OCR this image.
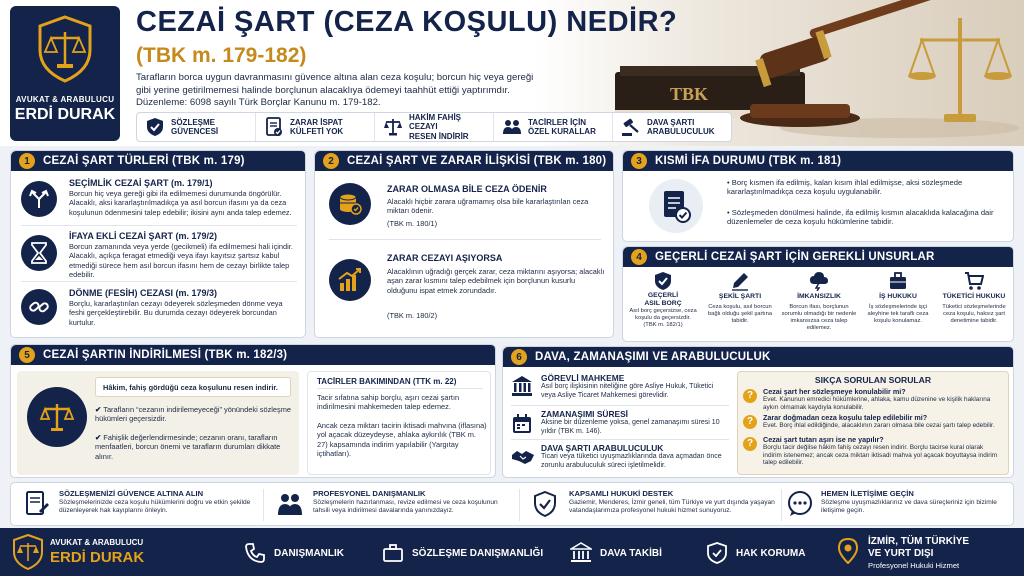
AVUKAT & ARABULUCU
ERDİ DURAK
CEZAİ ŞART (CEZA KOŞULU) NEDİR?
(TBK m. 179-182)
Tarafların borca uygun davranmasını güvence altına alan ceza koşulu; borcun hiç veya gereği gibi yerine getirilmemesi halinde borçlunun alacaklıya ödemeyi taahhüt ettiği yaptırımdır. Düzenleme: 6098 sayılı Türk Borçlar Kanunu m. 179-182.	TBK
SÖZLEŞME
GÜVENCESİ
ZARAR İSPAT
KÜLFETİ YOK
HAKİM FAHİŞ CEZAYI
RESEN İNDİRİR
TACİRLER İÇİN
ÖZEL KURALLAR
DAVA ŞARTI
ARABULUCULUK
1	CEZAİ ŞART TÜRLERİ (TBK m. 179)
SEÇİMLİK CEZAİ ŞART (m. 179/1)
Borcun hiç veya gereği gibi ifa edilmemesi durumunda öngörülür. Alacaklı, aksi kararlaştırılmadıkça ya asıl borcun ifasını ya da ceza koşulunun ödenmesini talep edebilir; ikisini aynı anda talep edemez.
İFAYA EKLİ CEZAİ ŞART (m. 179/2)
Borcun zamanında veya yerde (gecikmeli) ifa edilmemesi hali içindir. Alacaklı, açıkça feragat etmediği veya ifayı kayıtsız şartsız kabul etmediği sürece hem asıl borcun ifasını hem de cezayı birlikte talep edebilir.
DÖNME (FESİH) CEZASI (m. 179/3)
Borçlu, kararlaştırılan cezayı ödeyerek sözleşmeden dönme veya feshi gerçekleştirebilir. Bu durumda cezayı ödeyerek borcundan kurtulur.
2	CEZAİ ŞART VE ZARAR İLİŞKİSİ (TBK m. 180)
ZARAR OLMASA BİLE CEZA ÖDENİR
Alacaklı hiçbir zarara uğramamış olsa bile kararlaştırılan ceza miktarı ödenir.
(TBK m. 180/1)
ZARAR CEZAYI AŞIYORSA
Alacaklının uğradığı gerçek zarar, ceza miktarını aşıyorsa; alacaklı aşan zarar kısmını talep edebilmek için borçlunun kusurlu olduğunu ispat etmek zorundadır.
(TBK m. 180/2)
3	KISMİ İFA DURUMU (TBK m. 181)
• Borç kısmen ifa edilmiş, kalan kısım ihlal edilmişse, aksi sözleşmede kararlaştırılmadıkça ceza koşulu uygulanabilir.
• Sözleşmeden dönülmesi halinde, ifa edilmiş kısmın alacaklıda kalacağına dair düzenlemeler de ceza koşulu hükümlerine tabidir.
4	GEÇERLİ CEZAİ ŞART İÇİN GEREKLİ UNSURLAR
GEÇERLİ
ASIL BORÇ
Asıl borç geçersizse, ceza koşulu da geçersizdir.
(TBK m. 182/1)
ŞEKİL ŞARTI
Ceza koşulu, asıl borcun bağlı olduğu şekil şartına tabidir.
İMKANSIZLIK
Borcun ifası, borçlunun sorumlu olmadığı bir nedenle imkansızsa ceza talep edilemez.
İŞ HUKUKU
İş sözleşmelerinde işçi aleyhine tek taraflı ceza koşulu konulamaz.
TÜKETİCİ HUKUKU
Tüketici sözleşmelerinde ceza koşulu, haksız şart denetimine tabidir.
5	CEZAİ ŞARTIN İNDİRİLMESİ (TBK m. 182/3)
Hâkim, fahiş gördüğü ceza koşulunu resen indirir.
✔ Tarafların “cezanın indirilemeyeceği” yönündeki sözleşme hükümleri geçersizdir.
✔ Fahişlik değerlendirmesinde; cezanın oranı, tarafların menfaatleri, borcun önemi ve tarafların durumları dikkate alınır.
TACİRLER BAKIMINDAN (TTK m. 22)
Tacir sıfatına sahip borçlu, aşırı cezai şartın indirilmesini mahkemeden talep edemez.
Ancak ceza miktarı tacirin iktisadi mahvına (iflasına) yol açacak düzeydeyse, ahlaka aykırılık (TBK m. 27) kapsamında indirim yapılabilir (Yargıtay içtihatları).
6	DAVA, ZAMANAŞIMI VE ARABULUCULUK
GÖREVLİ MAHKEME
Asıl borç ilişkisinin niteliğine göre Asliye Hukuk, Tüketici veya Asliye Ticaret Mahkemesi görevlidir.
ZAMANAŞIMI SÜRESİ
Aksine bir düzenleme yoksa, genel zamanaşımı süresi 10 yıldır (TBK m. 146).
DAVA ŞARTI ARABULUCULUK
Ticari veya tüketici uyuşmazlıklarında dava açmadan önce zorunlu arabuluculuk süreci işletilmelidir.
SIKÇA SORULAN SORULAR
?	Cezai şart her sözleşmeye konulabilir mi?
Evet. Kanunun emredici hükümlerine, ahlaka, kamu düzenine ve kişilik haklarına aykırı olmamak kaydıyla konulabilir.
?	Zarar doğmadan ceza koşulu talep edilebilir mi?
Evet. Borç ihlal edildiğinde, alacaklının zararı olmasa bile cezai şartı talep edebilir.
?	Cezai şart tutarı aşırı ise ne yapılır?
Borçlu tacir değilse hâkim fahiş cezayı resen indirir. Borçlu tacirse kural olarak indirim istenemez; ancak ceza miktarı iktisadi mahva yol açacak boyuttaysa indirim talep edilebilir.
SÖZLEŞMENİZİ GÜVENCE ALTINA ALIN
Sözleşmelerinizde ceza koşulu hükümlerini doğru ve etkin şekilde düzenleyerek hak kayıplarını önleyin.
PROFESYONEL DANIŞMANLIK
Sözleşmelerin hazırlanması, revize edilmesi ve ceza koşulunun tahsili veya indirilmesi davalarında yanınızdayız.
KAPSAMLI HUKUKİ DESTEK
Gaziemir, Menderes, İzmir geneli, tüm Türkiye ve yurt dışında yaşayan vatandaşlarımıza profesyonel hukuki hizmet sunuyoruz.
HEMEN İLETİŞİME GEÇİN
Sözleşme uyuşmazlıklarınız ve dava süreçleriniz için bizimle iletişime geçin.
AVUKAT & ARABULUCU
ERDİ DURAK	DANIŞMANLIK	SÖZLEŞME DANIŞMANLIĞI	DAVA TAKİBİ	HAK KORUMA
İZMİR, TÜM TÜRKİYE
VE YURT DIŞI
Profesyonel Hukuki Hizmet
